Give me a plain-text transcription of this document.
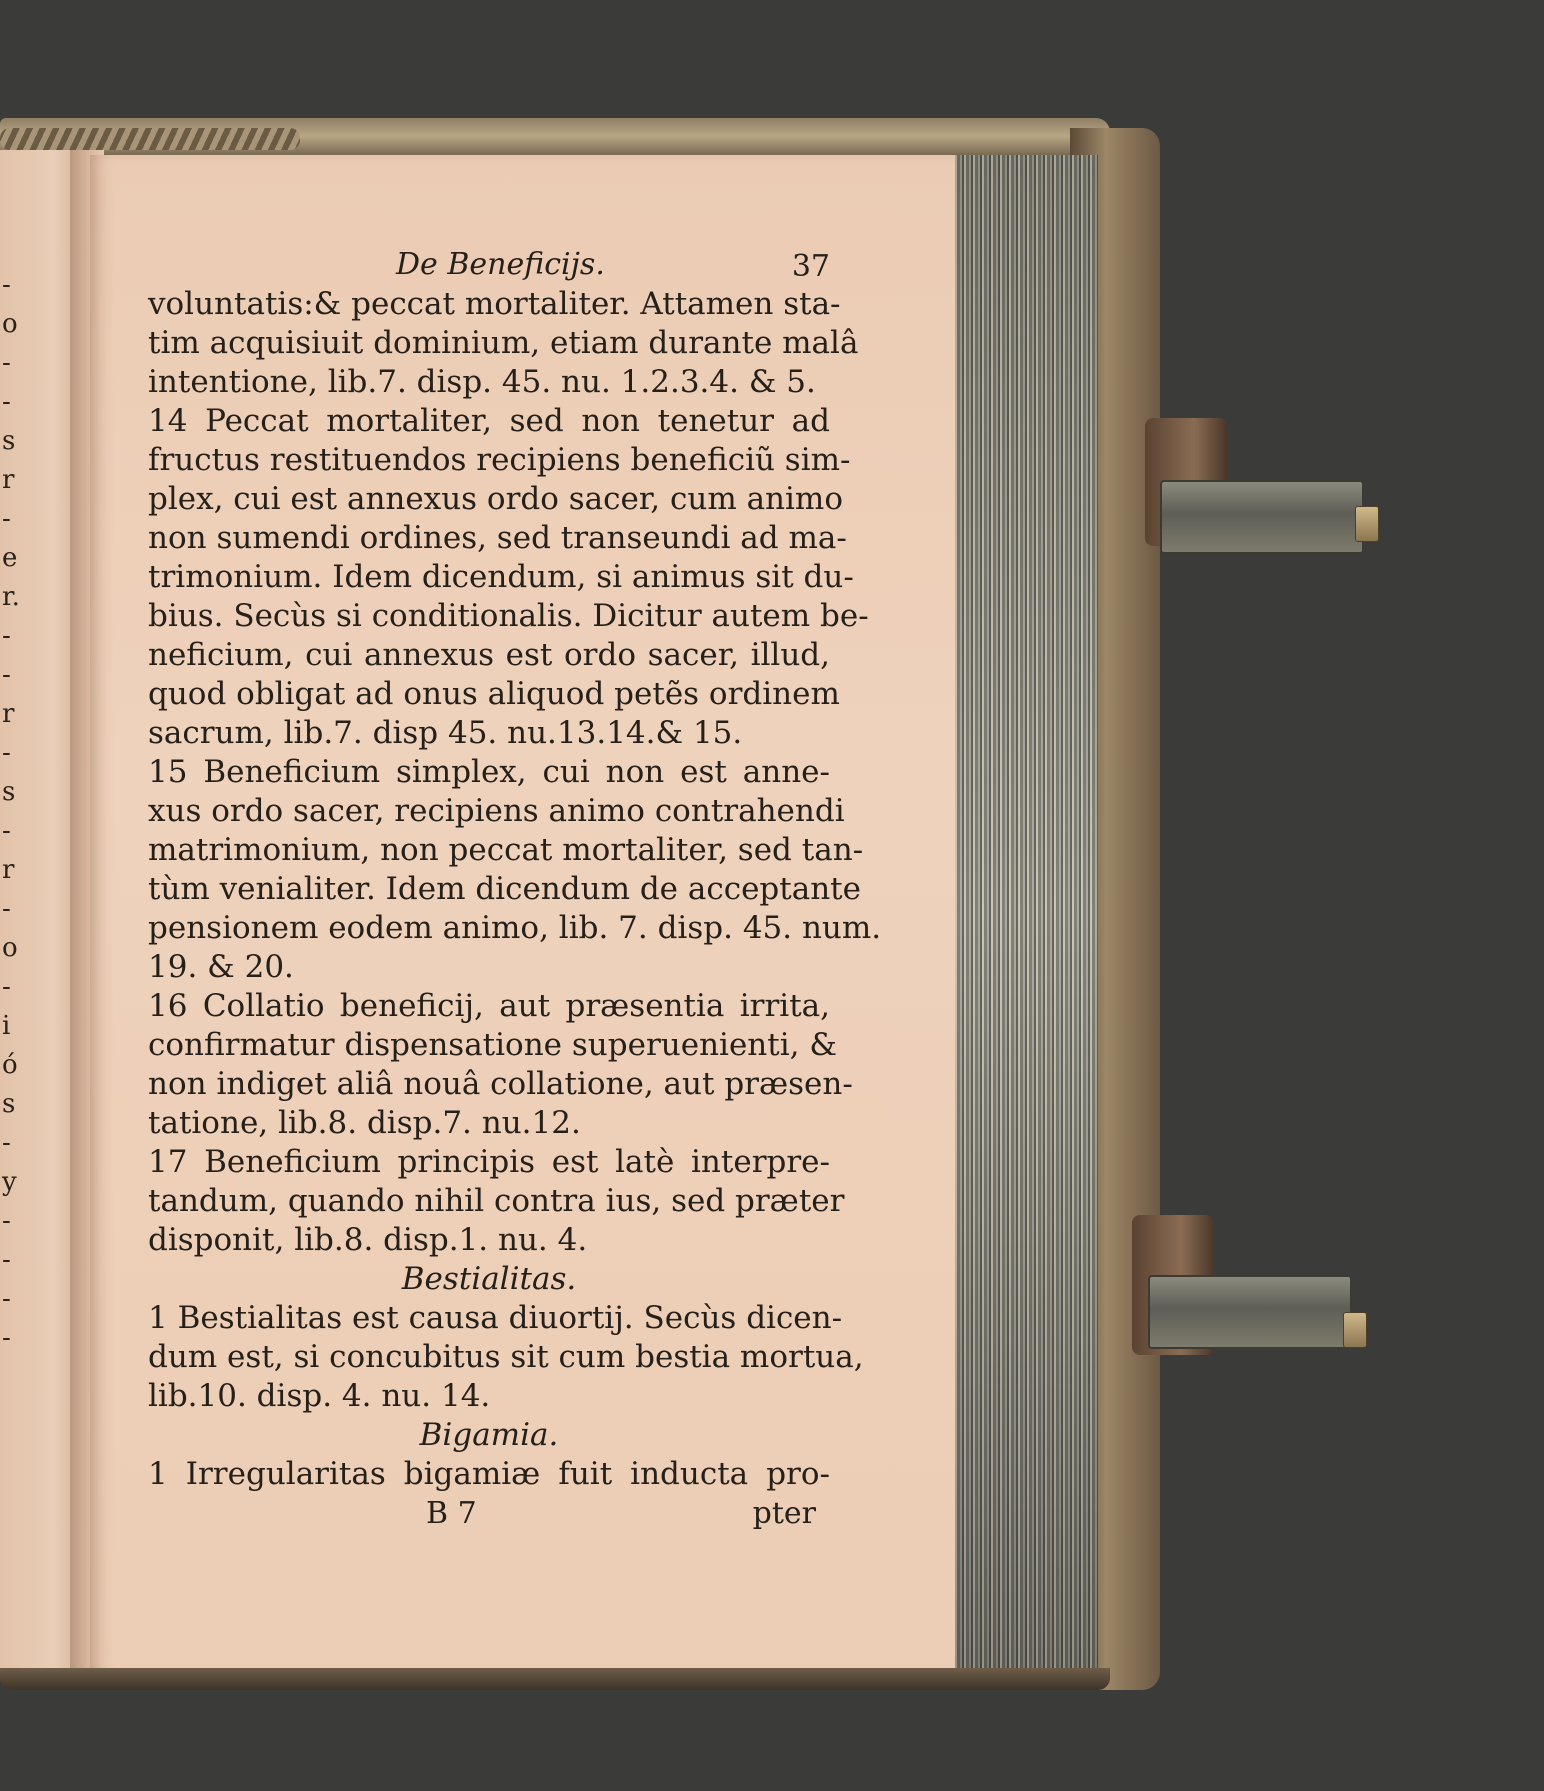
-
o
-
-
s
r
-
e
r.
-
-
r
-
s
-
r
-
o
-
i
ó
s
-
y
-
-
-
-
De Beneficijs.	37
voluntatis:& peccat mortaliter. Attamen sta-
tim acquisiuit dominium, etiam durante malâ
intentione, lib.7. disp. 45. nu. 1.2.3.4. & 5.
14 Peccat mortaliter, sed non tenetur ad
fructus restituendos recipiens beneficiũ sim-
plex, cui est annexus ordo sacer, cum animo
non sumendi ordines, sed transeundi ad ma-
trimonium. Idem dicendum, si animus sit du-
bius. Secùs si conditionalis. Dicitur autem be-
neficium, cui annexus est ordo sacer, illud,
quod obligat ad onus aliquod petẽs ordinem
sacrum, lib.7. disp 45. nu.13.14.& 15.
15 Beneficium simplex, cui non est anne-
xus ordo sacer, recipiens animo contrahendi
matrimonium, non peccat mortaliter, sed tan-
tùm venialiter. Idem dicendum de acceptante
pensionem eodem animo, lib. 7. disp. 45. num.
19. & 20.
16 Collatio beneficij, aut præsentia irrita,
confirmatur dispensatione superuenienti, &
non indiget aliâ nouâ collatione, aut præsen-
tatione, lib.8. disp.7. nu.12.
17 Beneficium principis est latè interpre-
tandum, quando nihil contra ius, sed præter
disponit, lib.8. disp.1. nu. 4.
Bestialitas.
1 Bestialitas est causa diuortij. Secùs dicen-
dum est, si concubitus sit cum bestia mortua,
lib.10. disp. 4. nu. 14.
Bigamia.
1 Irregularitas bigamiæ fuit inducta pro-
B 7	pter
